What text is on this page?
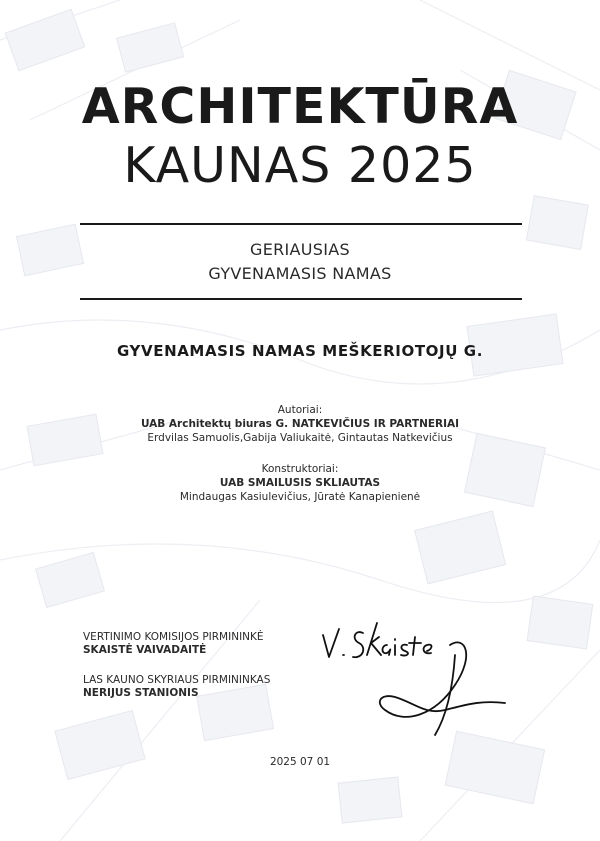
ARCHITEKTŪRA
KAUNAS 2025
GERIAUSIAS
GYVENAMASIS NAMAS
GYVENAMASIS NAMAS MEŠKERIOTOJŲ G.
Autoriai:
UAB Architektų biuras G. NATKEVIČIUS IR PARTNERIAI
Erdvilas Samuolis,Gabija Valiukaitė, Gintautas Natkevičius
Konstruktoriai:
UAB SMAILUSIS SKLIAUTAS
Mindaugas Kasiulevičius, Jūratė Kanapienienė
VERTINIMO KOMISIJOS PIRMININKĖ
SKAISTĖ VAIVADAITĖ
LAS KAUNO SKYRIAUS PIRMININKAS
NERIJUS STANIONIS
2025 07 01
